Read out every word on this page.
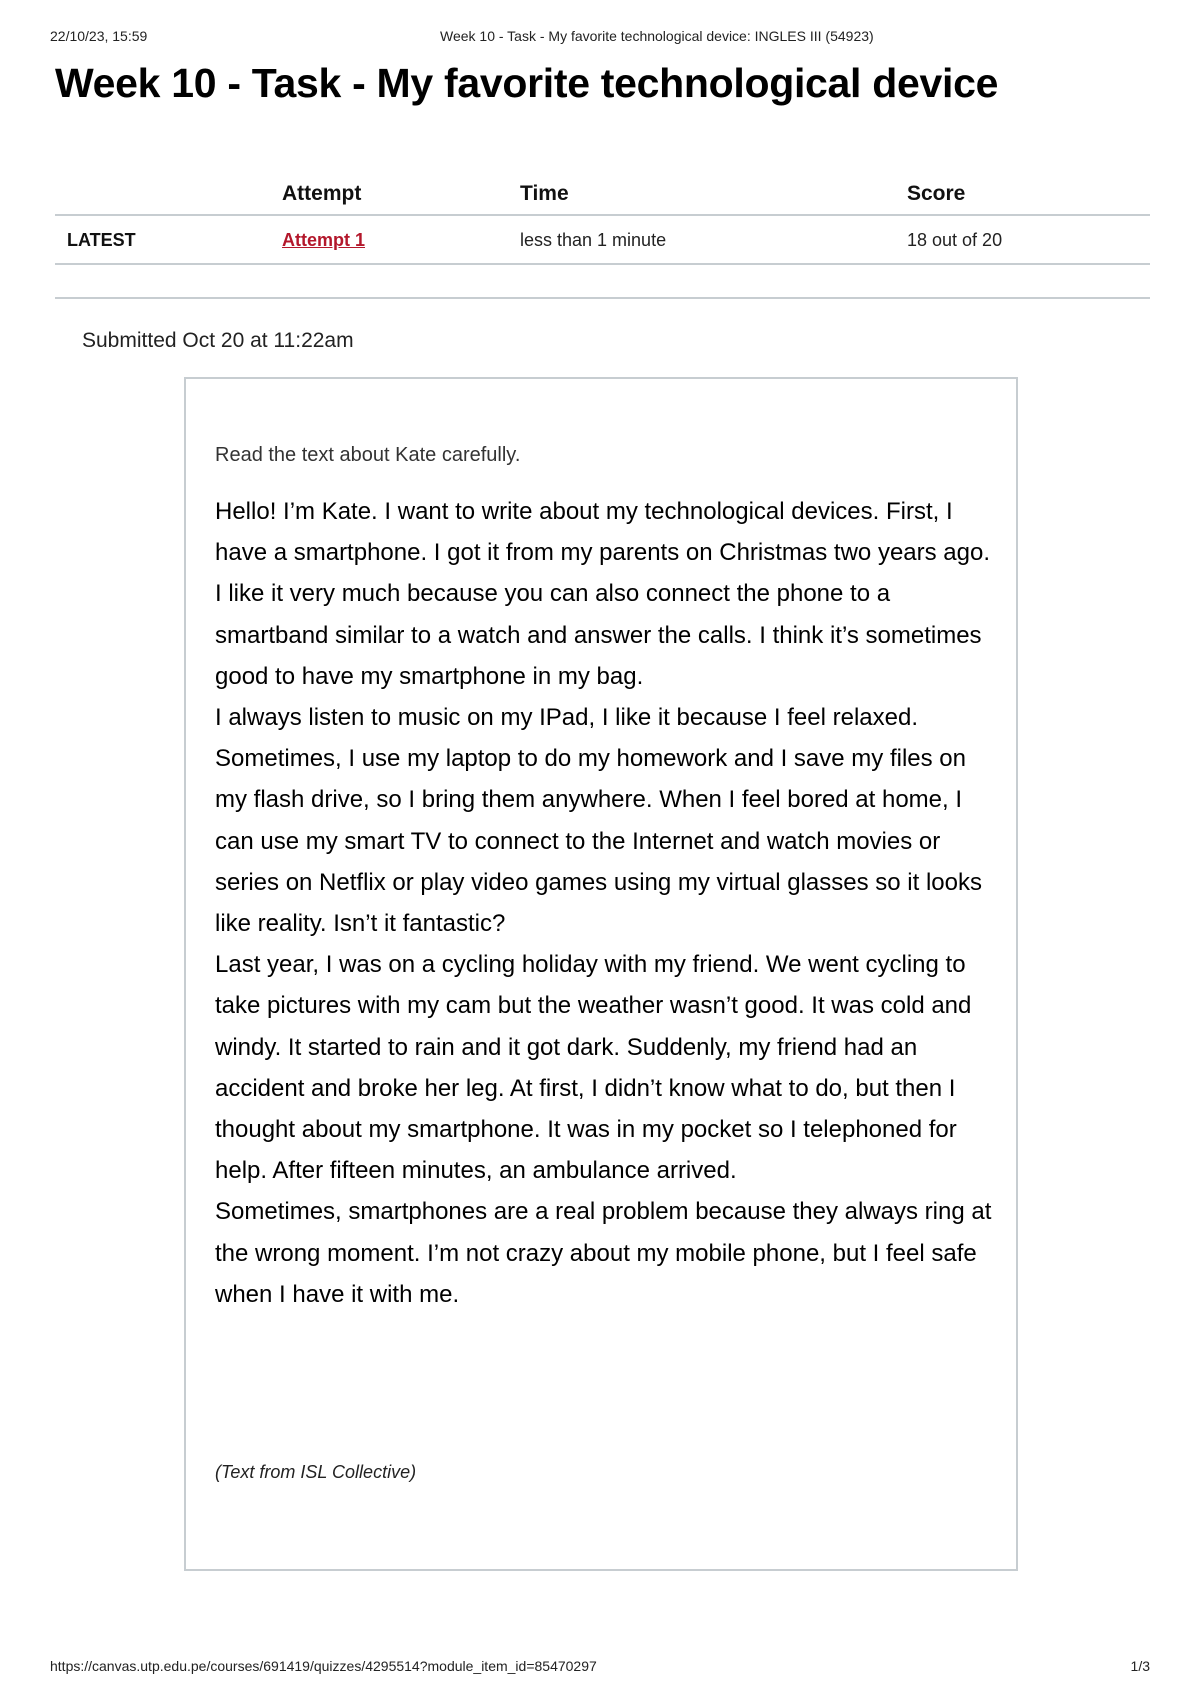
22/10/23, 15:59	Week 10 - Task - My favorite technological device: INGLES III (54923)
Week 10 - Task - My favorite technological device
	Attempt	Time	Score
LATEST	Attempt 1	less than 1 minute	18 out of 20
Submitted Oct 20 at 11:22am
Read the text about Kate carefully.

Hello! I’m Kate. I want to write about my technological devices. First, I have a smartphone. I got it from my parents on Christmas two years ago. I like it very much because you can also connect the phone to a smartband similar to a watch and answer the calls. I think it’s sometimes good to have my smartphone in my bag.

I always listen to music on my IPad, I like it because I feel relaxed. Sometimes, I use my laptop to do my homework and I save my files on my flash drive, so I bring them anywhere. When I feel bored at home, I can use my smart TV to connect to the Internet and watch movies or series on Netflix or play video games using my virtual glasses so it looks like reality. Isn’t it fantastic?

Last year, I was on a cycling holiday with my friend. We went cycling to take pictures with my cam but the weather wasn’t good. It was cold and windy. It started to rain and it got dark. Suddenly, my friend had an accident and broke her leg. At first, I didn’t know what to do, but then I thought about my smartphone. It was in my pocket so I telephoned for help. After fifteen minutes, an ambulance arrived.

Sometimes, smartphones are a real problem because they always ring at the wrong moment. I’m not crazy about my mobile phone, but I feel safe when I have it with me.

(Text from ISL Collective)
https://canvas.utp.edu.pe/courses/691419/quizzes/4295514?module_item_id=85470297	1/3
